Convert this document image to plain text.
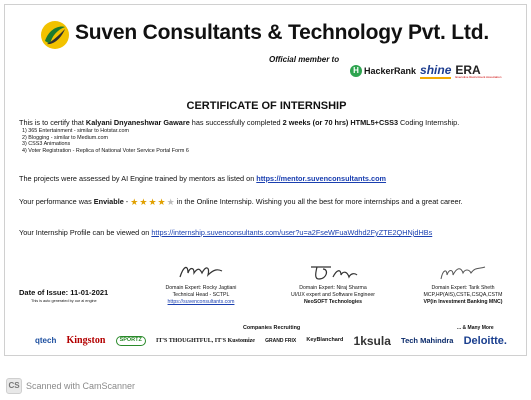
Suven Consultants & Technology Pvt. Ltd.
Official member to
H HackerRank shine ERA
Executive Recruitment Association
CERTIFICATE OF INTERNSHIP
This is to certify that Kalyani Dnyaneshwar Gaware has successfully completed 2 weeks (or 70 hrs) HTML5+CSS3 Coding Internship.
1) 365 Entertainment - similar to Hotstar.com
2) Blogging - similar to Medium.com
3) CSS3 Animations
4) Voter Registration - Replica of National Voter Service Portal Form 6
The projects were assessed by AI Engine trained by mentors as listed on https://mentor.suvenconsultants.com
Your performance was Enviable - ★ ★ ★ ★ ★ in the Online Internship. Wishing you all the best for more internships and a great career.
Your Internship Profile can be viewed on https://internship.suvenconsultants.com/user?u=a2FseWFuaWdhd2FyZTE2QHNjdHBs
Date of Issue: 11-01-2021
This is auto generated by our ai engine
Domain Expert: Rocky Jagtiani
Technical Head - SCTPL
https://suvenconsultants.com
Domain Expert: Niraj Sharma
UI/UX expert and Software Engineer
NeoSOFT Technologies
Domain Expert: Tarik Sheth
MCP,HP(AIS),CSTE,CSQA,CSTM
VP(in Investment Banking MNC)
Companies Recruiting	... & Many More
qtech Kingston	SPORTZ	IT'S THOUGHTFUL, IT'S Kustomize GRAND FRIX KeyBlanchard 1ksula Tech Mahindra Deloitte.
CS Scanned with CamScanner
